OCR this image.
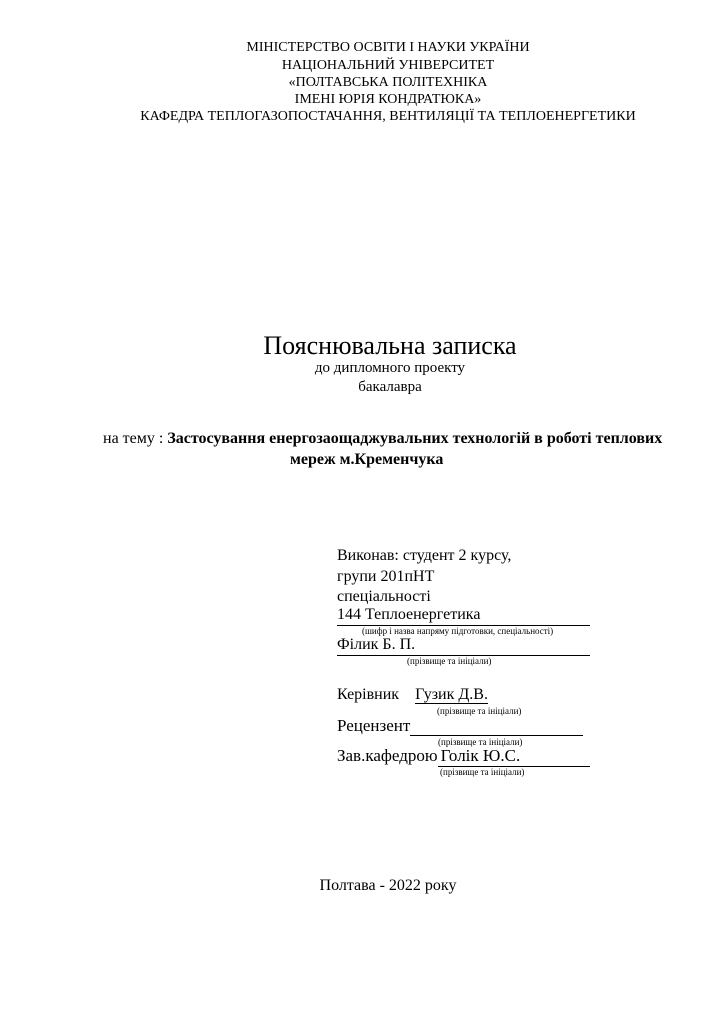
МІНІСТЕРСТВО ОСВІТИ І НАУКИ УКРАЇНИ
НАЦІОНАЛЬНИЙ УНІВЕРСИТЕТ
«ПОЛТАВСЬКА ПОЛІТЕХНІКА
ІМЕНІ ЮРІЯ КОНДРАТЮКА»
КАФЕДРА ТЕПЛОГАЗОПОСТАЧАННЯ, ВЕНТИЛЯЦІЇ ТА ТЕПЛОЕНЕРГЕТИКИ
Пояснювальна записка
до дипломного проекту
бакалавра
на тему : Застосування енергозаощаджувальних технологій в роботі теплових
мереж м.Кременчука
Виконав: студент 2 курсу,
групи 201пНТ
спеціальності
144 Теплоенергетика
(шифр і назва напряму підготовки, спеціальності)
Філик Б. П.
(прізвище та ініціали)
Керівник Гузик Д.В.
(прізвище та ініціали)
Рецензент
(прізвище та ініціали)
Зав.кафедрою Голік Ю.С.
(прізвище та ініціали)
Полтава - 2022 року
